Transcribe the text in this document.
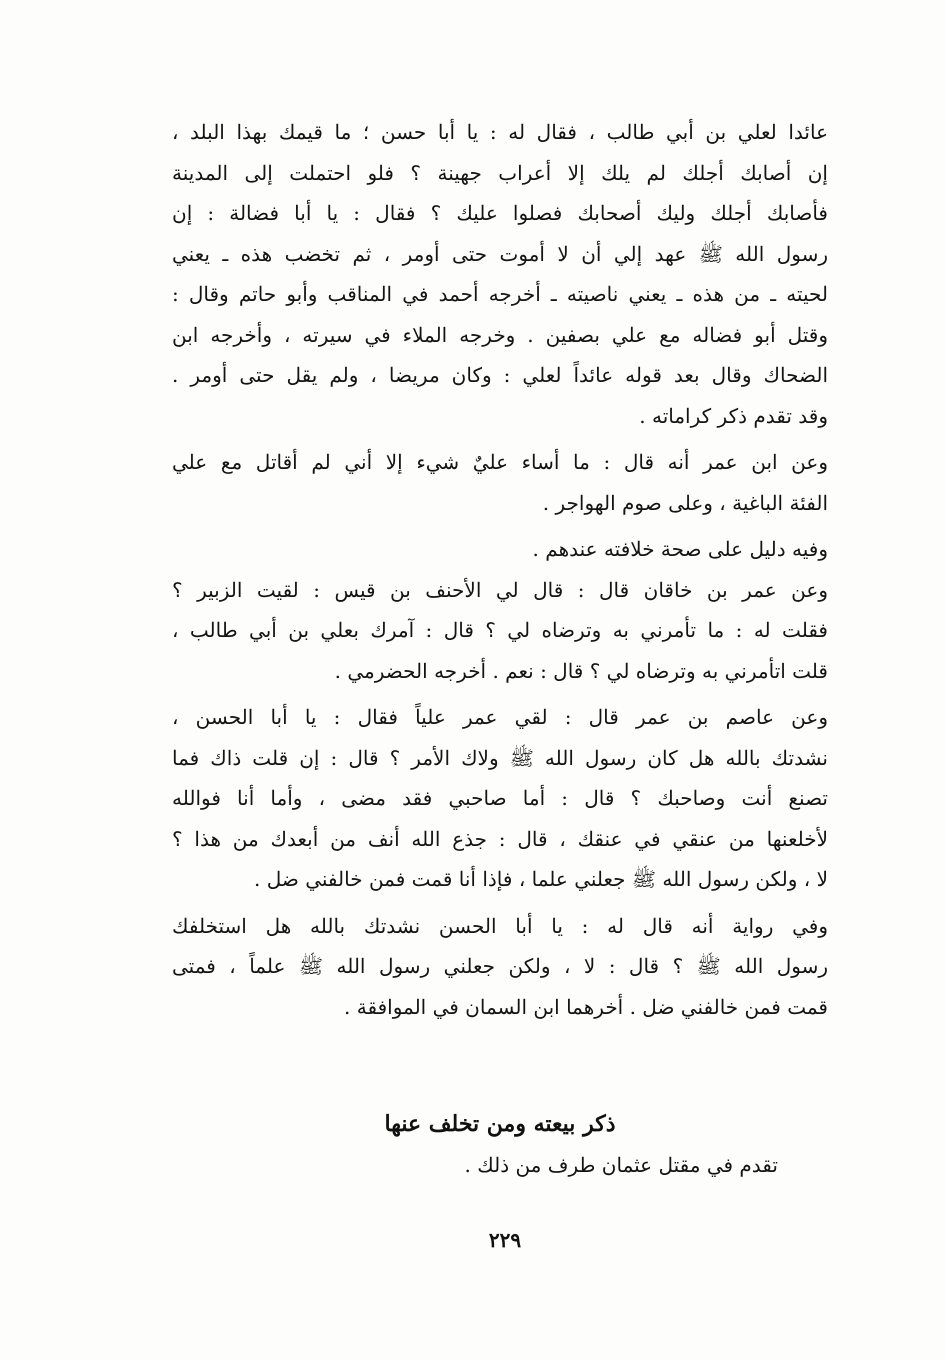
عائدا لعلي بن أبي طالب ، فقال له : يا أبا حسن ؛ ما قيمك بهذا البلد ،
إن أصابك أجلك لم يلك إلا أعراب جهينة ؟ فلو احتملت إلى المدينة
فأصابك أجلك وليك أصحابك فصلوا عليك ؟ فقال : يا أبا فضالة : إن
رسول الله ﷺ عهد إلي أن لا أموت حتى أومر ، ثم تخضب هذه ـ يعني
لحيته ـ من هذه ـ يعني ناصيته ـ أخرجه أحمد في المناقب وأبو حاتم وقال :
وقتل أبو فضاله مع علي بصفين . وخرجه الملاء في سيرته ، وأخرجه ابن
الضحاك وقال بعد قوله عائداً لعلي : وكان مريضا ، ولم يقل حتى أومر .
وقد تقدم ذكر كراماته .
وعن ابن عمر أنه قال : ما أساء عليٌ شيء إلا أني لم أقاتل مع علي
الفئة الباغية ، وعلى صوم الهواجر .
وفيه دليل على صحة خلافته عندهم .
وعن عمر بن خاقان قال : قال لي الأحنف بن قيس : لقيت الزبير ؟
فقلت له : ما تأمرني به وترضاه لي ؟ قال : آمرك بعلي بن أبي طالب ،
قلت اتأمرني به وترضاه لي ؟ قال : نعم . أخرجه الحضرمي .
وعن عاصم بن عمر قال : لقي عمر علياً فقال : يا أبا الحسن ،
نشدتك بالله هل كان رسول الله ﷺ ولاك الأمر ؟ قال : إن قلت ذاك فما
تصنع أنت وصاحبك ؟ قال : أما صاحبي فقد مضى ، وأما أنا فوالله
لأخلعنها من عنقي في عنقك ، قال : جذع الله أنف من أبعدك من هذا ؟
لا ، ولكن رسول الله ﷺ جعلني علما ، فإذا أنا قمت فمن خالفني ضل .
وفي رواية أنه قال له : يا أبا الحسن نشدتك بالله هل استخلفك
رسول الله ﷺ ؟ قال : لا ، ولكن جعلني رسول الله ﷺ علماً ، فمتى
قمت فمن خالفني ضل . أخرهما ابن السمان في الموافقة .
ذكر بيعته ومن تخلف عنها
تقدم في مقتل عثمان طرف من ذلك .
٢٢٩
